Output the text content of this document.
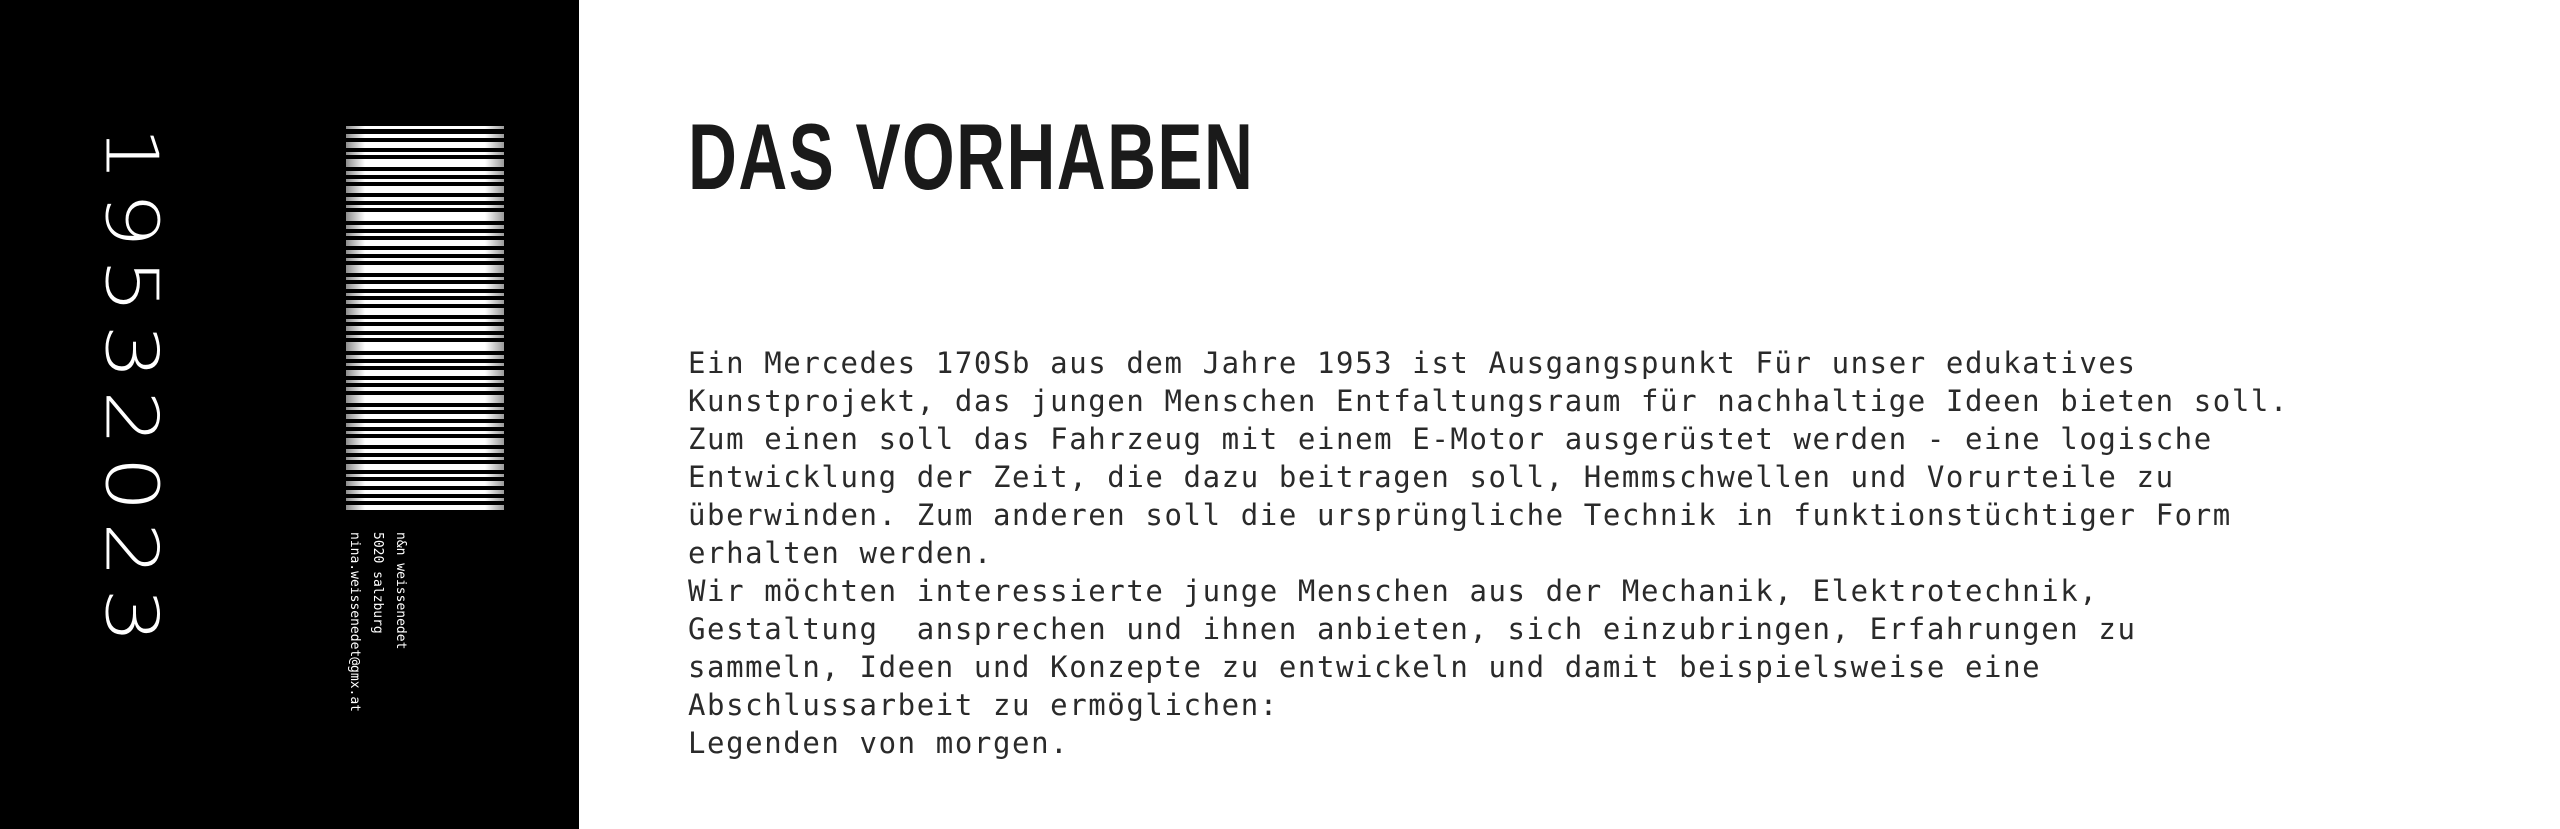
19532023	n&n weissenedet
5020 salzburg
nina.weissenedet@gmx.at
DAS VORHABEN
Ein Mercedes 170Sb aus dem Jahre 1953 ist Ausgangspunkt Für unser edukatives
Kunstprojekt, das jungen Menschen Entfaltungsraum für nachhaltige Ideen bieten soll.
Zum einen soll das Fahrzeug mit einem E-Motor ausgerüstet werden - eine logische
Entwicklung der Zeit, die dazu beitragen soll, Hemmschwellen und Vorurteile zu
überwinden. Zum anderen soll die ursprüngliche Technik in funktionstüchtiger Form
erhalten werden.
Wir möchten interessierte junge Menschen aus der Mechanik, Elektrotechnik,
Gestaltung  ansprechen und ihnen anbieten, sich einzubringen, Erfahrungen zu
sammeln, Ideen und Konzepte zu entwickeln und damit beispielsweise eine
Abschlussarbeit zu ermöglichen:
Legenden von morgen.
